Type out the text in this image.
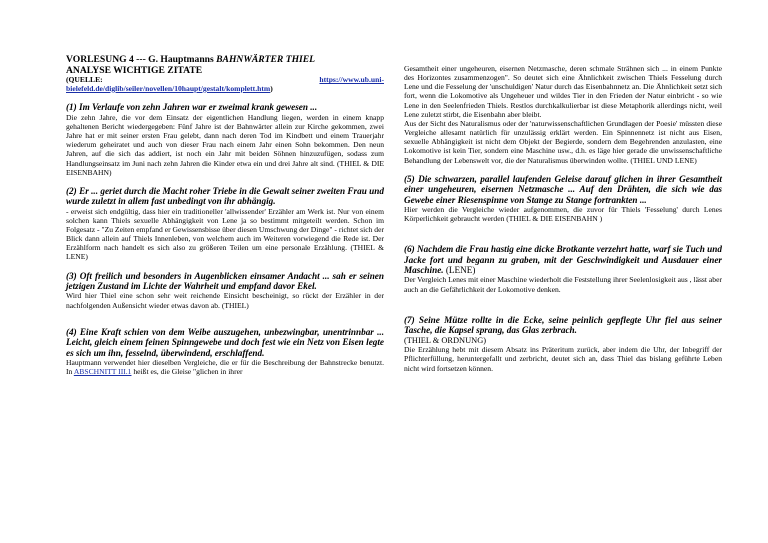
VORLESUNG 4 --- G. Hauptmanns BAHNWÄRTER THIEL
ANALYSE WICHTIGE ZITATE
(QUELLE:	https://www.ub.uni-
bielefeld.de/diglib/seiler/novellen/10haupt/gestalt/komplett.htm)
(1) Im Verlaufe von zehn Jahren war er zweimal krank gewesen ...
Die zehn Jahre, die vor dem Einsatz der eigentlichen Handlung liegen, werden in einem knapp gehaltenen Bericht wiedergegeben: Fünf Jahre ist der Bahnwärter allein zur Kirche gekommen, zwei Jahre hat er mit seiner ersten Frau gelebt, dann nach deren Tod im Kindbett und einem Trauerjahr wiederum geheiratet und auch von dieser Frau nach einem Jahr einen Sohn bekommen. Den neun Jahren, auf die sich das addiert, ist noch ein Jahr mit beiden Söhnen hinzuzufügen, sodass zum Handlungseinsatz im Juni nach zehn Jahren die Kinder etwa ein und drei Jahre alt sind. (THIEL & DIE EISENBAHN)
(2) Er ... geriet durch die Macht roher Triebe in die Gewalt seiner zweiten Frau und wurde zuletzt in allem fast unbedingt von ihr abhängig.
- erweist sich endgültig, dass hier ein traditioneller 'allwissender' Erzähler am Werk ist. Nur von einem solchen kann Thiels sexuelle Abhängigkeit von Lene ja so bestimmt mitgeteilt werden. Schon im Folgesatz - "Zu Zeiten empfand er Gewissensbisse über diesen Umschwung der Dinge" - richtet sich der Blick dann allein auf Thiels Innenleben, von welchem auch im Weiteren vorwiegend die Rede ist. Der Erzählform nach handelt es sich also zu größeren Teilen um eine personale Erzählung. (THIEL & LENE)
(3) Oft freilich und besonders in Augenblicken einsamer Andacht ... sah er seinen jetzigen Zustand im Lichte der Wahrheit und empfand davor Ekel.
Wird hier Thiel eine schon sehr weit reichende Einsicht bescheinigt, so rückt der Erzähler in der nachfolgenden Außensicht wieder etwas davon ab. (THIEL)
(4) Eine Kraft schien von dem Weibe auszugehen, unbezwingbar, unentrinnbar ... Leicht, gleich einem feinen Spinngewebe und doch fest wie ein Netz von Eisen legte es sich um ihn, fesselnd, überwindend, erschlaffend.
Hauptmann verwendet hier dieselben Vergleiche, die er für die Beschreibung der Bahnstrecke benutzt. In ABSCHNITT III.1 heißt es, die Gleise "glichen in ihrer
Gesamtheit einer ungeheuren, eisernen Netzmasche, deren schmale Strähnen sich ... in einem Punkte des Horizontes zusammenzogen". So deutet sich eine Ähnlichkeit zwischen Thiels Fesselung durch Lene und die Fesselung der 'unschuldigen' Natur durch das Eisenbahnnetz an. Die Ähnlichkeit setzt sich fort, wenn die Lokomotive als Ungeheuer und wildes Tier in den Frieden der Natur einbricht - so wie Lene in den Seelenfrieden Thiels. Restlos durchkalkulierbar ist diese Metaphorik allerdings nicht, weil Lene zuletzt stirbt, die Eisenbahn aber bleibt.
Aus der Sicht des Naturalismus oder der 'naturwissenschaftlichen Grundlagen der Poesie' müssten diese Vergleiche allesamt natürlich für unzulässig erklärt werden. Ein Spinnennetz ist nicht aus Eisen, sexuelle Abhängigkeit ist nicht dem Objekt der Begierde, sondern dem Begehrenden anzulasten, eine Lokomotive ist kein Tier, sondern eine Maschine usw., d.h. es läge hier gerade die unwissenschaftliche Behandlung der Lebenswelt vor, die der Naturalismus überwinden wollte. (THIEL UND LENE)
(5) Die schwarzen, parallel laufenden Geleise darauf glichen in ihrer Gesamtheit einer ungeheuren, eisernen Netzmasche ... Auf den Drähten, die sich wie das Gewebe einer Riesenspinne von Stange zu Stange fortrankten ...
Hier werden die Vergleiche wieder aufgenommen, die zuvor für Thiels 'Fesselung' durch Lenes Körperlichkeit gebraucht werden (THIEL & DIE EISENBAHN )
(6) Nachdem die Frau hastig eine dicke Brotkante verzehrt hatte, warf sie Tuch und Jacke fort und begann zu graben, mit der Geschwindigkeit und Ausdauer einer Maschine. (LENE)
Der Vergleich Lenes mit einer Maschine wiederholt die Feststellung ihrer Seelenlosigkeit aus , lässt aber auch an die Gefährlichkeit der Lokomotive denken.
(7) Seine Mütze rollte in die Ecke, seine peinlich gepflegte Uhr fiel aus seiner Tasche, die Kapsel sprang, das Glas zerbrach.
(THIEL & ORDNUNG)
Die Erzählung hebt mit diesem Absatz ins Präteritum zurück, aber indem die Uhr, der Inbegriff der Pflichterfüllung, heruntergefallt und zerbricht, deutet sich an, dass Thiel das bislang geführte Leben nicht wird fortsetzen können.
